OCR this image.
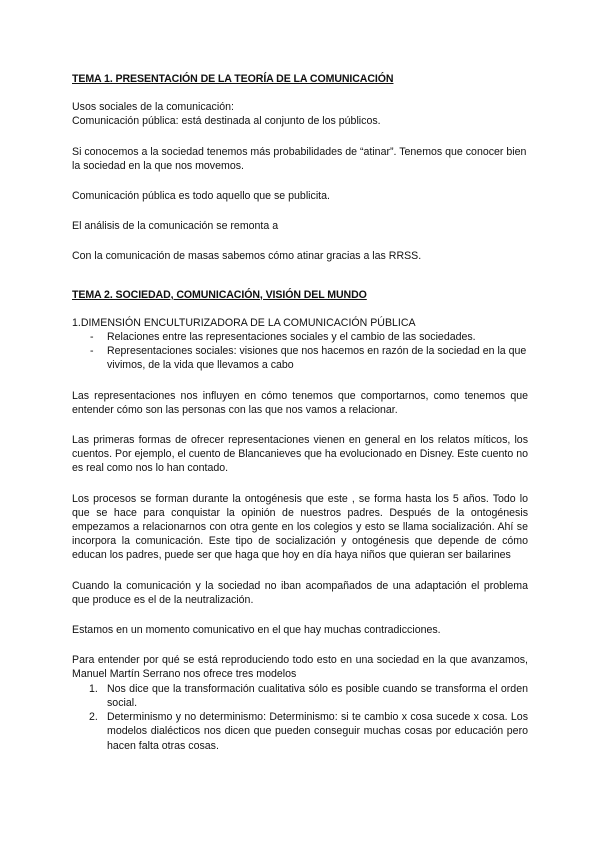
TEMA 1. PRESENTACIÓN DE LA TEORÍA DE LA COMUNICACIÓN

Usos sociales de la comunicación:

Comunicación pública: está destinada al conjunto de los públicos.

Si conocemos a la sociedad tenemos más probabilidades de “atinar”. Tenemos que conocer bien la sociedad en la que nos movemos.

Comunicación pública es todo aquello que se publicita.

El análisis de la comunicación se remonta a

Con la comunicación de masas sabemos cómo atinar gracias a las RRSS.

TEMA 2. SOCIEDAD, COMUNICACIÓN, VISIÓN DEL MUNDO

1.DIMENSIÓN ENCULTURIZADORA DE LA COMUNICACIÓN PÚBLICA

- Relaciones entre las representaciones sociales y el cambio de las sociedades.
- Representaciones sociales: visiones que nos hacemos en razón de la sociedad en la que vivimos, de la vida que llevamos a cabo

Las representaciones nos influyen en cómo tenemos que comportarnos, como tenemos que entender cómo son las personas con las que nos vamos a relacionar.

Las primeras formas de ofrecer representaciones vienen en general en los relatos míticos, los cuentos. Por ejemplo, el cuento de Blancanieves que ha evolucionado en Disney. Este cuento no es real como nos lo han contado.

Los procesos se forman durante la ontogénesis que este , se forma hasta los 5 años. Todo lo que se hace para conquistar la opinión de nuestros padres. Después de la ontogénesis empezamos a relacionarnos con otra gente en los colegios y esto se llama socialización. Ahí se incorpora la comunicación. Este tipo de socialización y ontogénesis que depende de cómo educan los padres, puede ser que haga que hoy en día haya niños que quieran ser bailarines

Cuando la comunicación y la sociedad no iban acompañados de una adaptación el problema que produce es el de la neutralización.

Estamos en un momento comunicativo en el que hay muchas contradicciones.

Para entender por qué se está reproduciendo todo esto en una sociedad en la que avanzamos, Manuel Martín Serrano nos ofrece tres modelos

1. Nos dice que la transformación cualitativa sólo es posible cuando se transforma el orden social.
2. Determinismo y no determinismo: Determinismo: si te cambio x cosa sucede x cosa. Los modelos dialécticos nos dicen que pueden conseguir muchas cosas por educación pero hacen falta otras cosas.
